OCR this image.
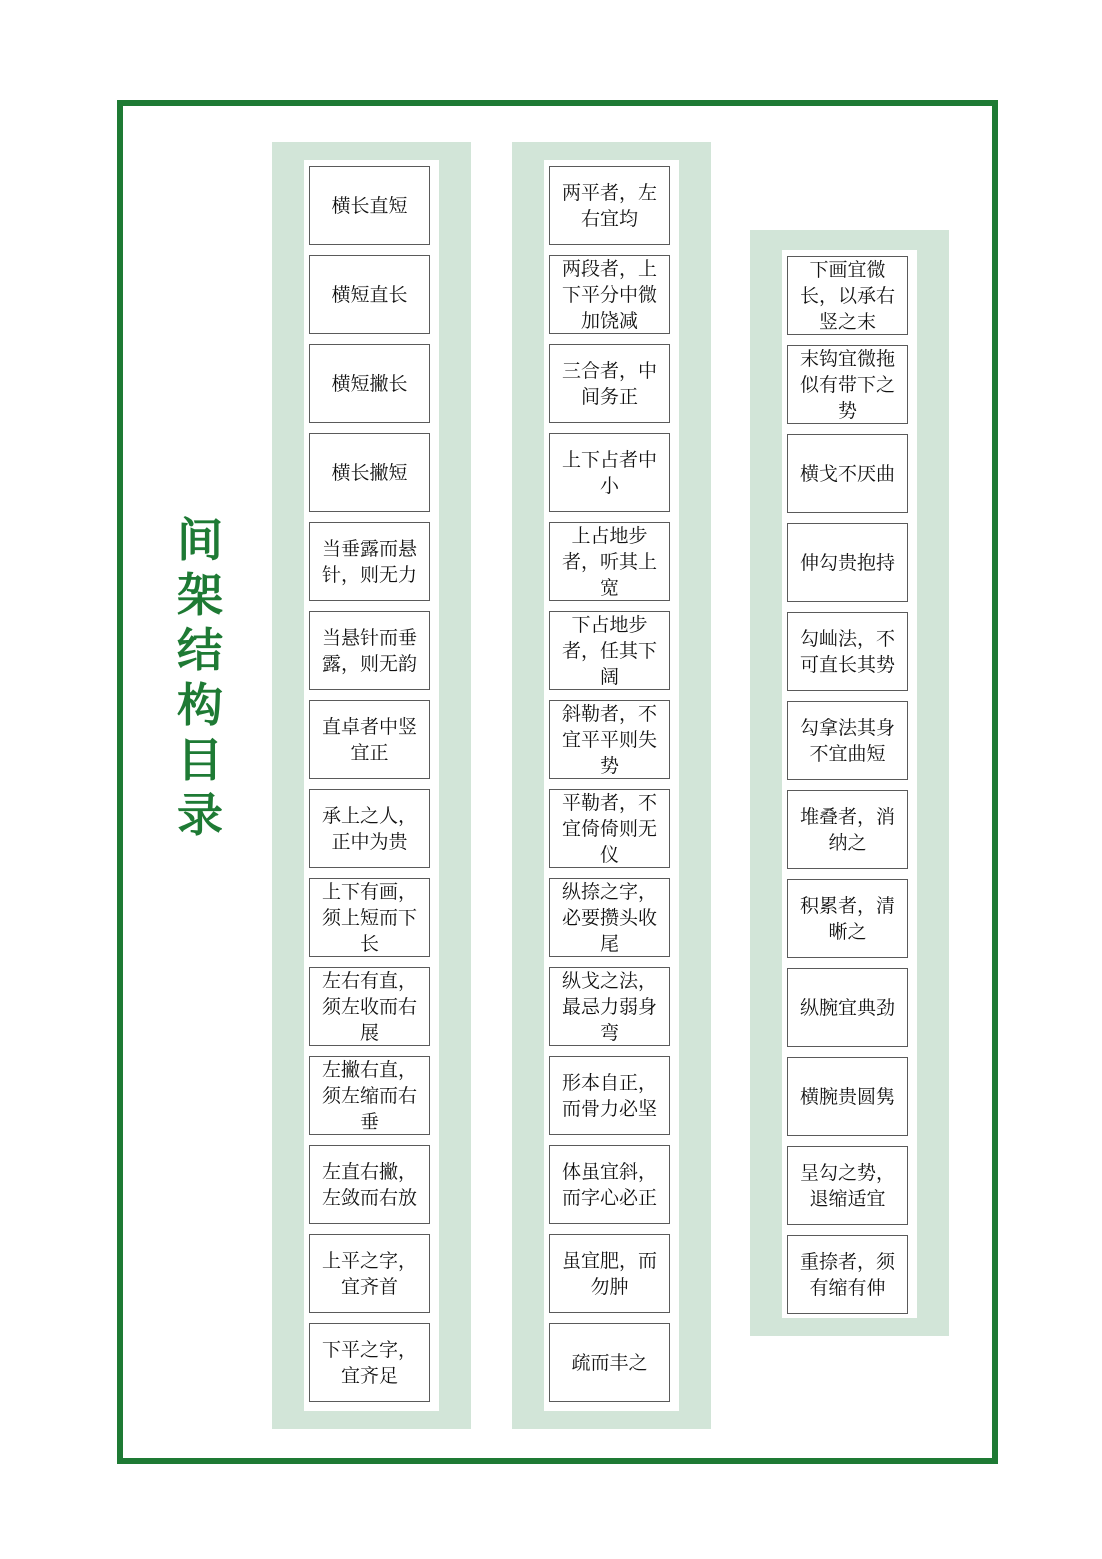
间
架
结
构
目
录
横长直短
横短直长
横短撇长
横长撇短
当垂露而悬针，则无力
当悬针而垂露，则无韵
直卓者中竖宜正
承上之人，正中为贵
上下有画，须上短而下长
左右有直，须左收而右展
左撇右直，须左缩而右垂
左直右撇，左敛而右放
上平之字，宜齐首
下平之字，宜齐足
两平者，左右宜均
两段者，上下平分中微加饶减
三合者，中间务正
上下占者中小
上占地步者，听其上宽
下占地步者，任其下阔
斜勒者，不宜平平则失势
平勒者，不宜倚倚则无仪
纵捺之字，必要攒头收尾
纵戈之法，最忌力弱身弯
形本自正，而骨力必坚
体虽宜斜，而字心必正
虽宜肥，而勿肿
疏而丰之
下画宜微长，以承右竖之末
末钩宜微拖似有带下之势
横戈不厌曲
伸勾贵抱持
勾屾法，不可直长其势
勾拿法其身不宜曲短
堆叠者，消纳之
积累者，清晰之
纵腕宜典劲
横腕贵圆隽
呈勾之势，退缩适宜
重捺者，须有缩有伸
